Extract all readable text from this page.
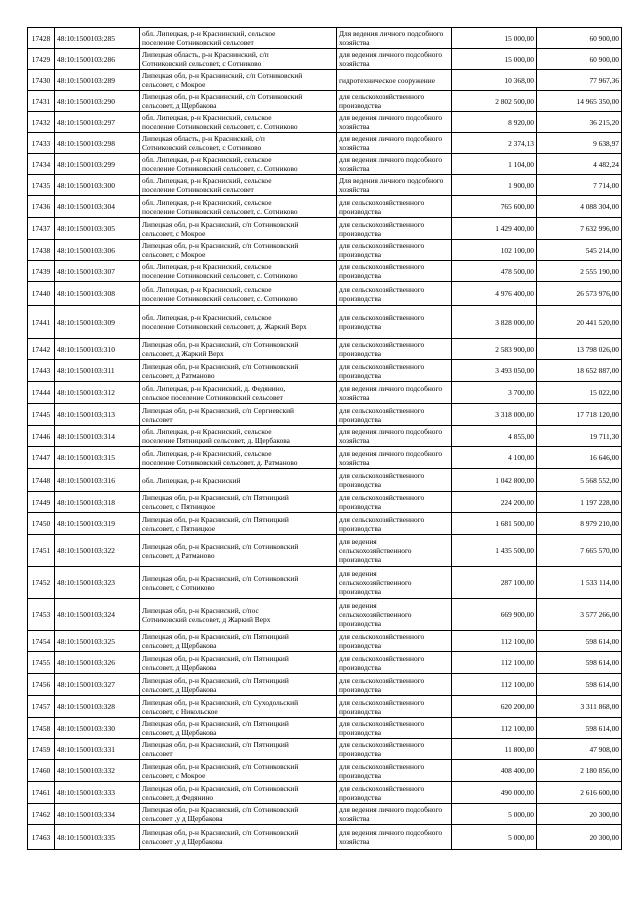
17428	48:10:1500103:285	обл. Липецкая, р-н Краснинский, сельское
поселение Сотниковский сельсовет	Для ведения личного подсобного
хозяйства	15 000,00	60 900,00
17429	48:10:1500103:286	Липецкая область, р-н Краснинский, с/п
Сотниковский сельсовет, с Сотниково	для ведения личного подсобного
хозяйства	15 000,00	60 900,00
17430	48:10:1500103:289	Липецкая обл, р-н Краснинский, с/п Сотниковский
сельсовет, с Мокрое	гидротехническое сооружение	10 368,00	77 967,36
17431	48:10:1500103:290	Липецкая обл, р-н Краснинский, с/п Сотниковский
сельсовет, д Щербакова	для сельскохозяйственного
производства	2 802 500,00	14 965 350,00
17432	48:10:1500103:297	обл. Липецкая, р-н Красниский, сельское
поселение Сотниковский сельсовет, с. Сотниково	для ведения личного подсобного
хозяйства	8 920,00	36 215,20
17433	48:10:1500103:298	Липецкая область, р-н Красниский, с/п
Сотниковский сельсовет, с Сотниково	для ведения личного подсобного
хозяйства	2 374,13	9 638,97
17434	48:10:1500103:299	обл. Липецкая, р-н Красниский, сельское
поселение Сотниковский сельсовет, с. Сотниково	для ведения личного подсобного
хозяйства	1 104,00	4 482,24
17435	48:10:1500103:300	обл. Липецкая, р-н Красниский, сельское
поселение Сотниковский сельсовет	Для ведения личного подсобного
хозяйства	1 900,00	7 714,00
17436	48:10:1500103:304	обл. Липецкая, р-н Красниский, сельское
поселение Сотниковский сельсовет, с. Сотниково	для сельскохозяйственного
производства	765 600,00	4 088 304,00
17437	48:10:1500103:305	Липецкая обл, р-н Красниский, с/п Сотниковский
сельсовет, с Мокрое	для сельскохозяйственного
производства	1 429 400,00	7 632 996,00
17438	48:10:1500103:306	Липецкая обл, р-н Красниский, с/п Сотниковский
сельсовет, с Мокрое	для сельскохозяйственного
производства	102 100,00	545 214,00
17439	48:10:1500103:307	обл. Липецкая, р-н Красниский, сельское
поселение Сотниковский сельсовет, с. Сотниково	для сельскохозяйственного
производства	478 500,00	2 555 190,00
17440	48:10:1500103:308	обл. Липецкая, р-н Красниский, сельское
поселение Сотниковский сельсовет, с. Сотниково	для сельскохозяйственного
производства	4 976 400,00	26 573 976,00
17441	48:10:1500103:309	обл. Липецкая, р-н Красниский, сельское
поселение Сотниковский сельсовет, д. Жаркий Верх	для сельскохозяйственного
производства	3 828 000,00	20 441 520,00
17442	48:10:1500103:310	Липецкая обл, р-н Красниский, с/п Сотниковский
сельсовет, д Жаркий Верх	для сельскохозяйственного
производства	2 583 900,00	13 798 026,00
17443	48:10:1500103:311	Липецкая обл, р-н Красниский, с/п Сотниковский
сельсовет, д Ратманово	для сельскохозяйственного
производства	3 493 050,00	18 652 887,00
17444	48:10:1500103:312	обл. Липецкая, р-н Красниский, д. Федянино,
сельское поселение Сотниковский сельсовет	для ведения личного подсобного
хозяйства	3 700,00	15 022,00
17445	48:10:1500103:313	Липецкая обл, р-н Красниский, с/п Сергиевский
сельсовет	для сельскохозяйственного
производства	3 318 000,00	17 718 120,00
17446	48:10:1500103:314	обл. Липецкая, р-н Красниский, сельское
поселение Пятницкий сельсовет, д. Щербакова	для ведения личного подсобного
хозяйства	4 855,00	19 711,30
17447	48:10:1500103:315	обл. Липецкая, р-н Красниский, сельское
поселение Сотниковский сельсовет, д. Ратманово	для ведения личного подсобного
хозяйства	4 100,00	16 646,00
17448	48:10:1500103:316	обл. Липецкая, р-н Красниский	для сельскохозяйственного
производства	1 042 800,00	5 568 552,00
17449	48:10:1500103:318	Липецкая обл, р-н Красниский, с/п Пятницкий
сельсовет, с Пятницкое	для сельскохозяйственного
производства	224 200,00	1 197 228,00
17450	48:10:1500103:319	Липецкая обл, р-н Красниский, с/п Пятницкий
сельсовет, с Пятницкое	для сельскохозяйственного
производства	1 681 500,00	8 979 210,00
17451	48:10:1500103:322	Липецкая обл, р-н Красниский, с/п Сотниковский
сельсовет, д Ратманово	для ведения
сельскохозяйственного
производства	1 435 500,00	7 665 570,00
17452	48:10:1500103:323	Липецкая обл, р-н Красниский, с/п Сотниковский
сельсовет, с Сотниково	для ведения
сельскохозяйственного
производства	287 100,00	1 533 114,00
17453	48:10:1500103:324	Липецкая обл, р-н Красниский, с/пос
Сотниковский сельсовет, д Жаркий Верх	для ведения
сельскохозяйственного
производства	669 900,00	3 577 266,00
17454	48:10:1500103:325	Липецкая обл, р-н Красниский, с/п Пятницкий
сельсовет, д Щербакова	для сельскохозяйственного
производства	112 100,00	598 614,00
17455	48:10:1500103:326	Липецкая обл, р-н Красниский, с/п Пятницкий
сельсовет, д Щербакова	для сельскохозяйственного
производства	112 100,00	598 614,00
17456	48:10:1500103:327	Липецкая обл, р-н Красниский, с/п Пятницкий
сельсовет, д Щербакова	для сельскохозяйственного
производства	112 100,00	598 614,00
17457	48:10:1500103:328	Липецкая обл, р-н Красниский, с/п Суходольский
сельсовет, с Никольское	для сельскохозяйственного
производства	620 200,00	3 311 868,00
17458	48:10:1500103:330	Липецкая обл, р-н Красниский, с/п Пятницкий
сельсовет, д Щербакова	для сельскохозяйственного
производства	112 100,00	598 614,00
17459	48:10:1500103:331	Липецкая обл, р-н Красниский, с/п Пятницкий
сельсовет	для сельскохозяйственного
производства	11 800,00	47 908,00
17460	48:10:1500103:332	Липецкая обл, р-н Красниский, с/п Сотниковский
сельсовет, с Мокрое	для сельскохозяйственного
производства	408 400,00	2 180 856,00
17461	48:10:1500103:333	Липецкая обл, р-н Красниский, с/п Сотниковский
сельсовет, д Федянино	для сельскохозяйственного
производства	490 000,00	2 616 600,00
17462	48:10:1500103:334	Липецкая обл, р-н Красниский, с/п Сотниковский
сельсовет ,у д Щербакова	для ведения личного подсобного
хозяйства	5 000,00	20 300,00
17463	48:10:1500103:335	Липецкая обл, р-н Красниский, с/п Сотниковский
сельсовет ,у д Щербакова	для ведения личного подсобного
хозяйства	5 000,00	20 300,00
